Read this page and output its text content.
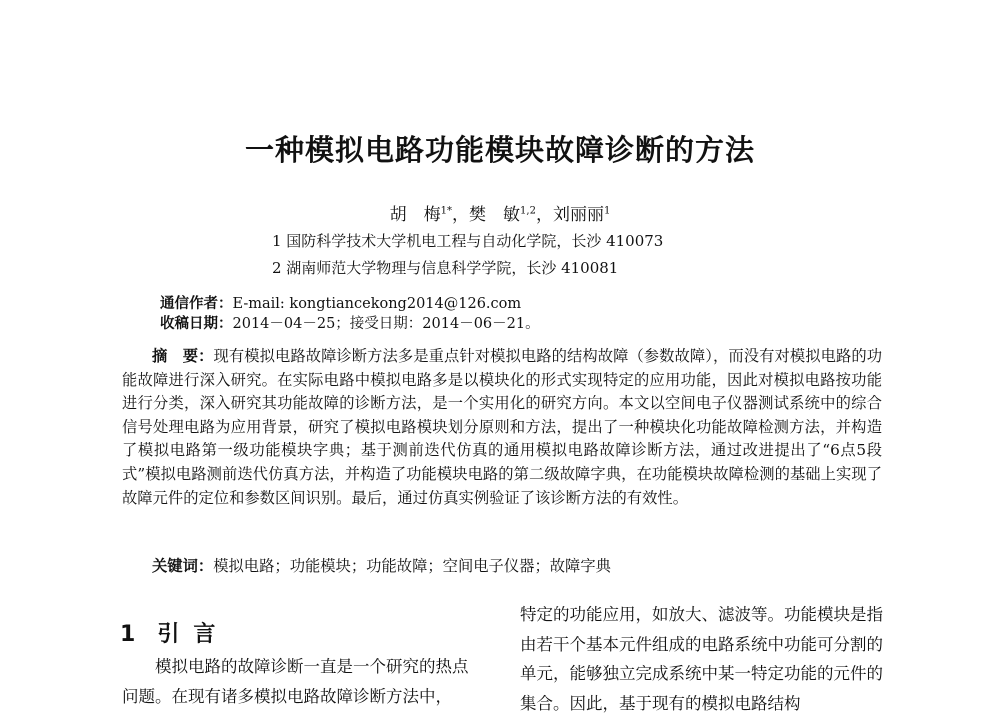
一种模拟电路功能模块故障诊断的方法
胡　梅$^{1*}$，樊　敏$^{1,2}$，刘丽丽$^1$
1 国防科学技术大学机电工程与自动化学院，长沙 410073
2 湖南师范大学物理与信息科学学院，长沙 410081
通信作者：E-mail: kongtiancekong2014@126.com
收稿日期：2014－04－25；接受日期：2014－06－21。
摘　要：现有模拟电路故障诊断方法多是重点针对模拟电路的结构故障（参数故障），而没有对模拟电路的功能故障进行深入研究。在实际电路中模拟电路多是以模块化的形式实现特定的应用功能，因此对模拟电路按功能进行分类，深入研究其功能故障的诊断方法，是一个实用化的研究方向。本文以空间电子仪器测试系统中的综合信号处理电路为应用背景，研究了模拟电路模块划分原则和方法，提出了一种模块化功能故障检测方法，并构造了模拟电路第一级功能模块字典；基于测前迭代仿真的通用模拟电路故障诊断方法，通过改进提出了“6点5段式”模拟电路测前迭代仿真方法，并构造了功能模块电路的第二级故障字典，在功能模块故障检测的基础上实现了故障元件的定位和参数区间识别。最后，通过仿真实例验证了该诊断方法的有效性。
关键词：模拟电路；功能模块；功能故障；空间电子仪器；故障字典
1 引言
模拟电路的故障诊断一直是一个研究的热点问题。在现有诸多模拟电路故障诊断方法中，
特定的功能应用，如放大、滤波等。功能模块是指由若干个基本元件组成的电路系统中功能可分割的单元，能够独立完成系统中某一特定功能的元件的集合。因此，基于现有的模拟电路结构
